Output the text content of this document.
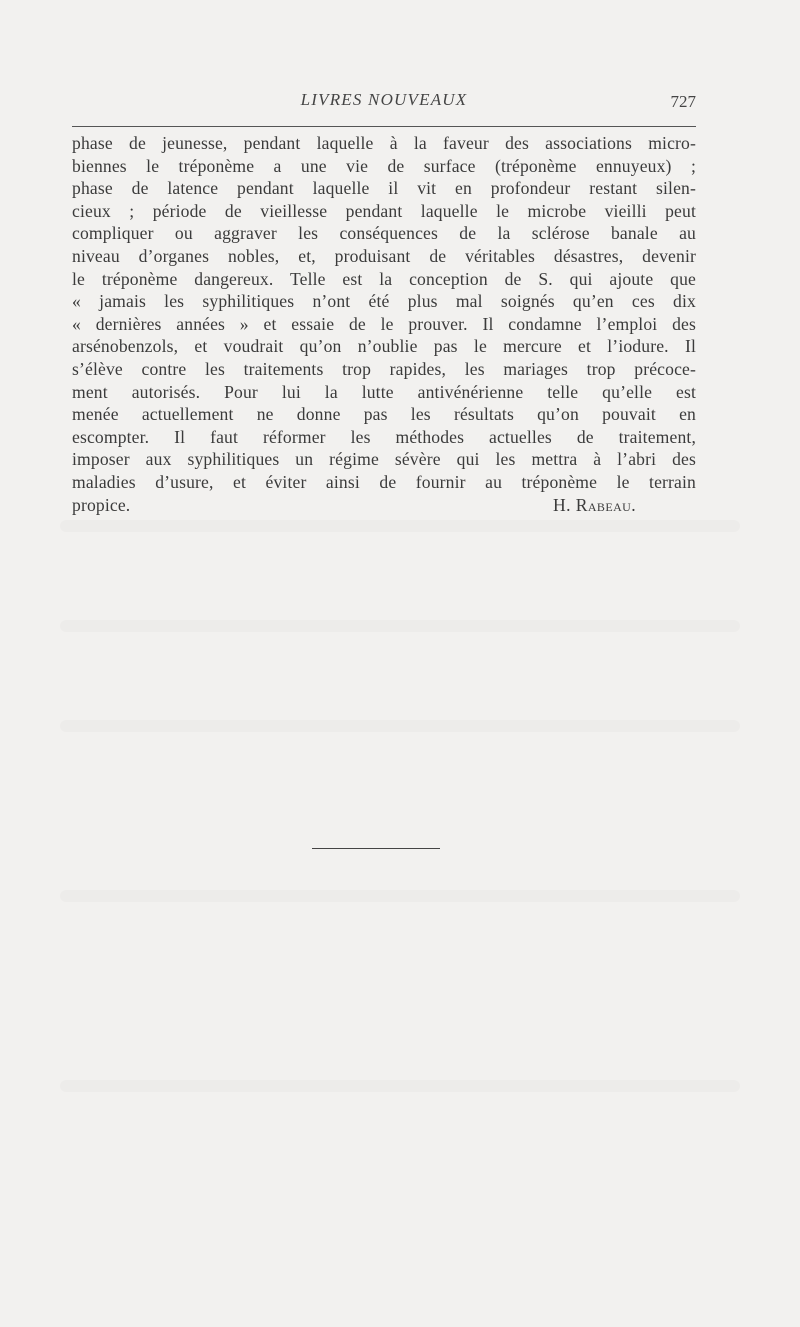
LIVRES NOUVEAUX	727
phase de jeunesse, pendant laquelle à la faveur des associations micro-
biennes le tréponème a une vie de surface (tréponème ennuyeux) ;
phase de latence pendant laquelle il vit en profondeur restant silen-
cieux ; période de vieillesse pendant laquelle le microbe vieilli peut
compliquer ou aggraver les conséquences de la sclérose banale au
niveau d’organes nobles, et, produisant de véritables désastres, devenir
le tréponème dangereux. Telle est la conception de S. qui ajoute que
« jamais les syphilitiques n’ont été plus mal soignés qu’en ces dix
« dernières années » et essaie de le prouver. Il condamne l’emploi des
arsénobenzols, et voudrait qu’on n’oublie pas le mercure et l’iodure. Il
s’élève contre les traitements trop rapides, les mariages trop précoce-
ment autorisés. Pour lui la lutte antivénérienne telle qu’elle est
menée actuellement ne donne pas les résultats qu’on pouvait en
escompter. Il faut réformer les méthodes actuelles de traitement,
imposer aux syphilitiques un régime sévère qui les mettra à l’abri des
maladies d’usure, et éviter ainsi de fournir au tréponème le terrain
propice.	H. Rabeau.
